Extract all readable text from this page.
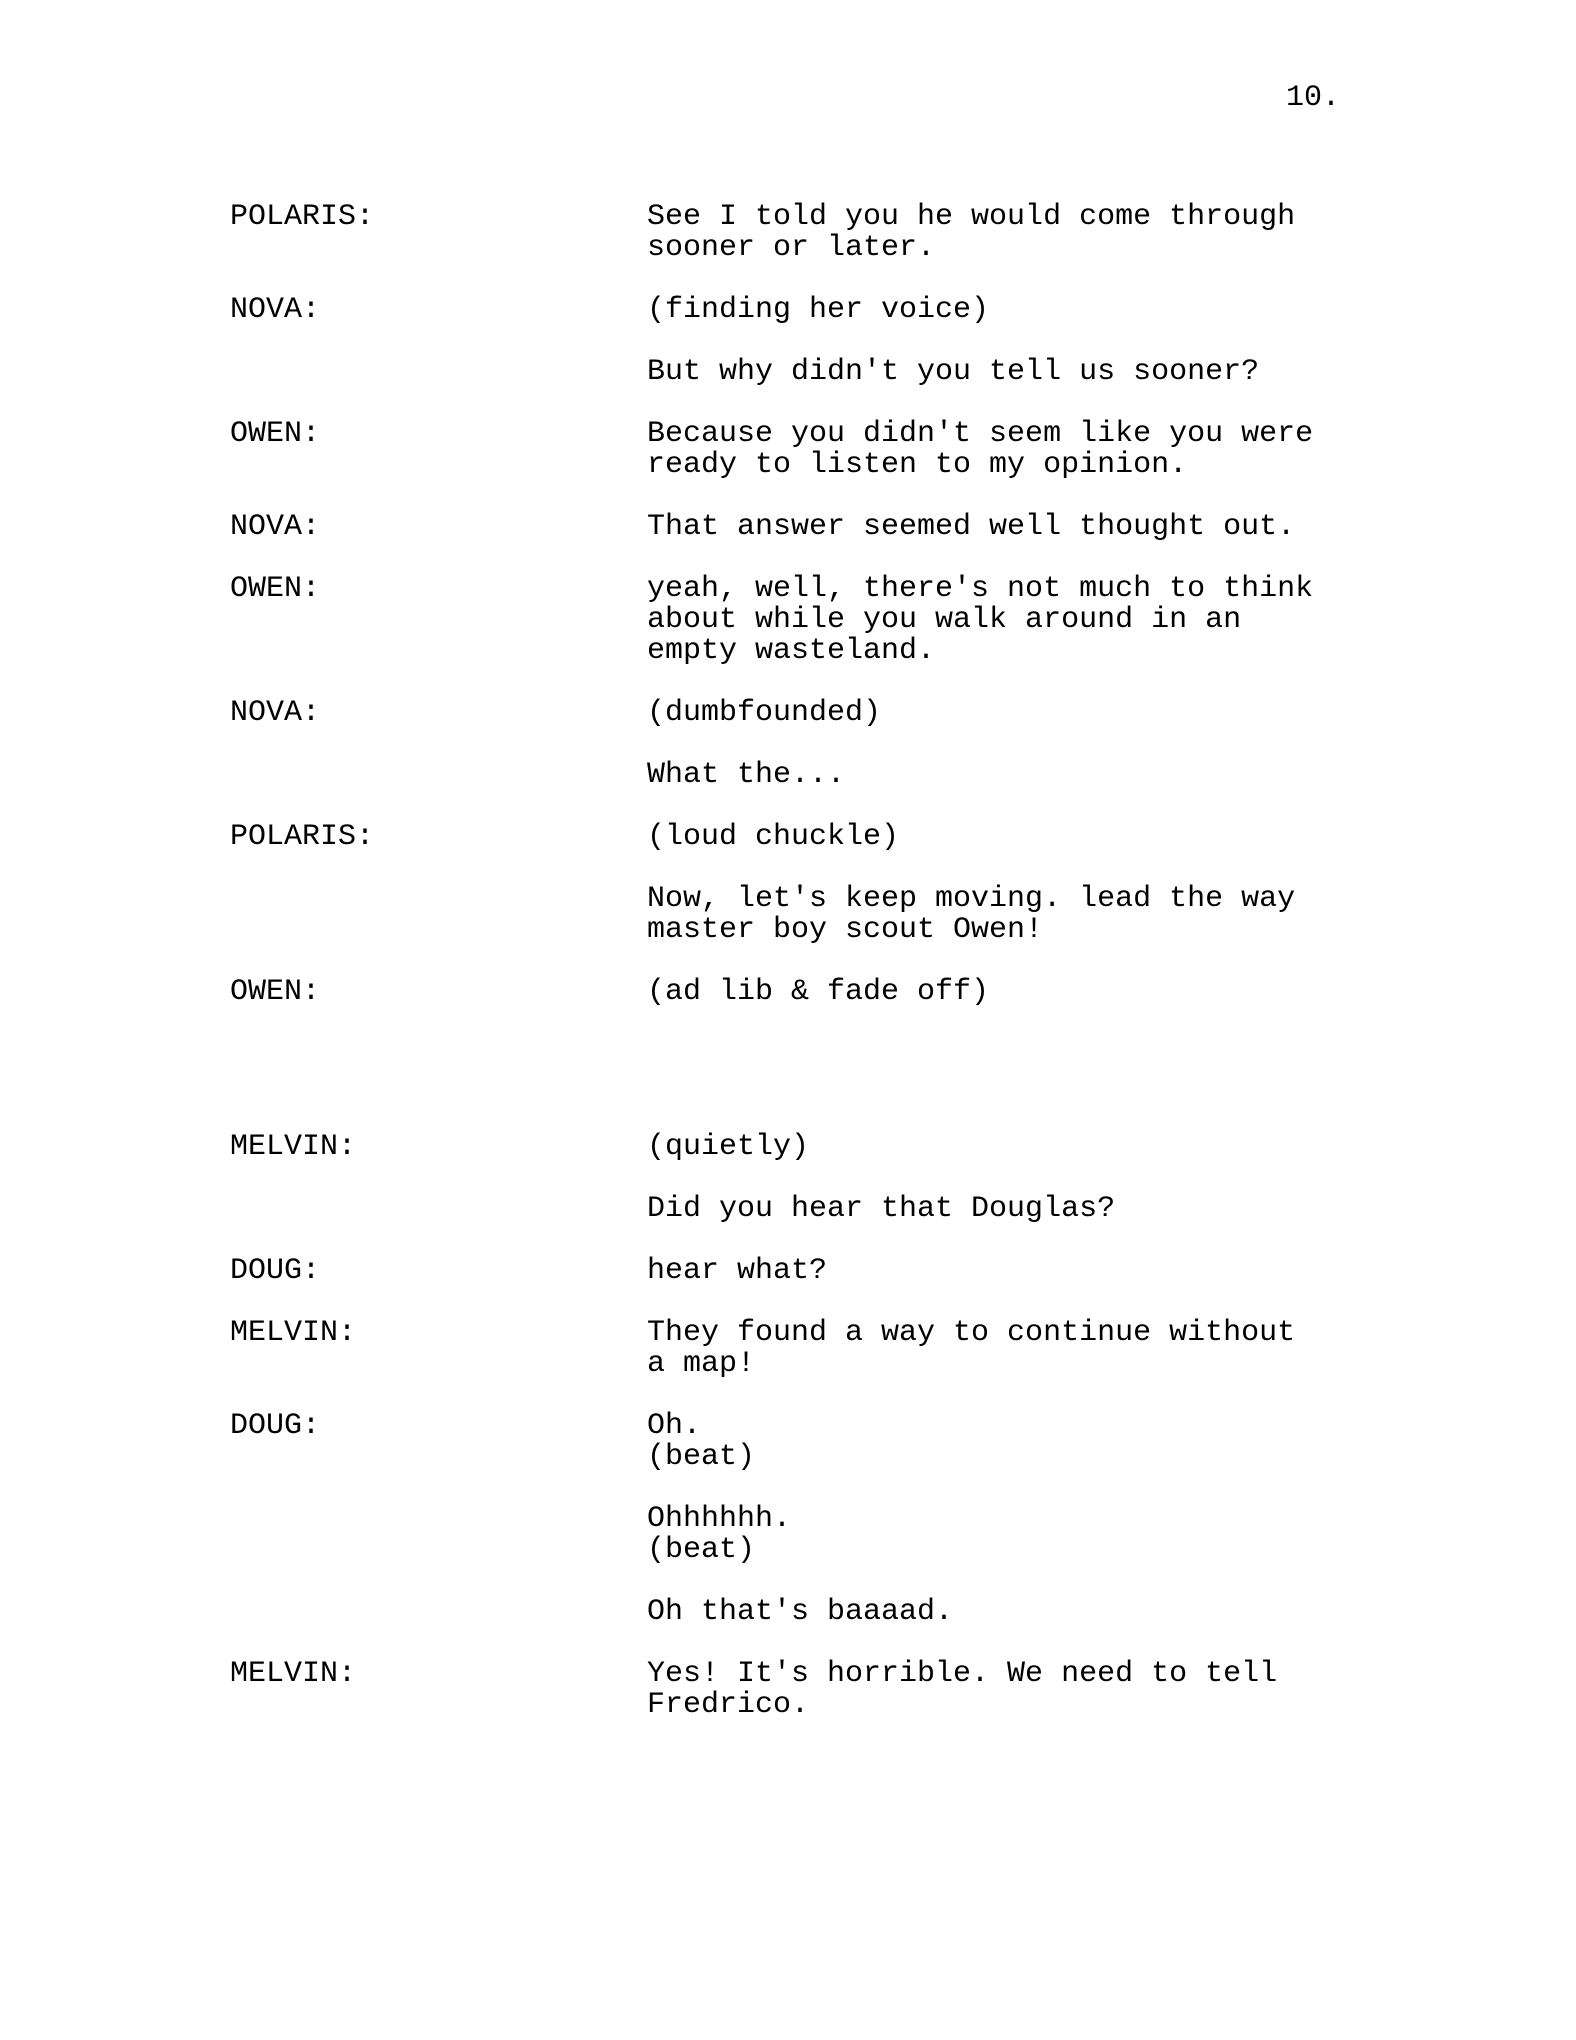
10.
POLARIS:	See I told you he would come through
sooner or later.
NOVA:	(finding her voice)
But why didn't you tell us sooner?
OWEN:	Because you didn't seem like you were
ready to listen to my opinion.
NOVA:	That answer seemed well thought out.
OWEN:	yeah, well, there's not much to think
about while you walk around in an
empty wasteland.
NOVA:	(dumbfounded)
What the...
POLARIS:	(loud chuckle)
Now, let's keep moving. lead the way
master boy scout Owen!
OWEN:	(ad lib & fade off)
MELVIN:	(quietly)
Did you hear that Douglas?
DOUG:	hear what?
MELVIN:	They found a way to continue without
a map!
DOUG:	Oh.
(beat)
Ohhhhhh.
(beat)
Oh that's baaaad.
MELVIN:	Yes! It's horrible. We need to tell
Fredrico.
